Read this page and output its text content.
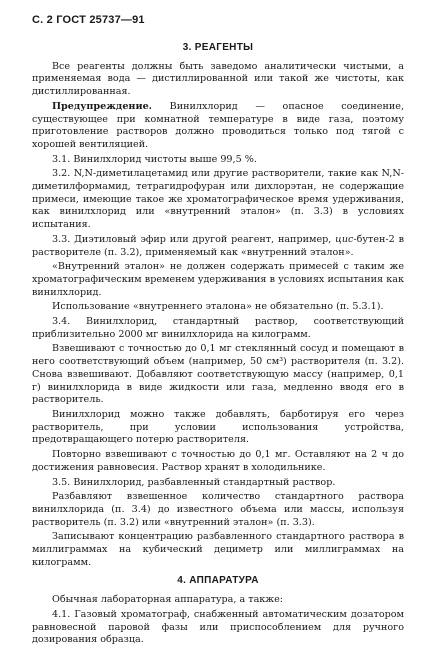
С. 2 ГОСТ 25737—91
3. РЕАГЕНТЫ
Все реагенты должны быть заведомо аналитически чистыми, а применяемая вода — дистиллированной или такой же чистоты, как дистиллированная.
Предупреждение. Винилхлорид — опасное соединение, существующее при комнатной температуре в виде газа, поэтому приготовление растворов должно проводиться только под тягой с хорошей вентиляцией.
3.1. Винилхлорид чистоты выше 99,5 %.
3.2. N,N-диметилацетамид или другие растворители, такие как N,N-диметилформамид, тетрагидрофуран или дихлорэтан, не содержащие примеси, имеющие такое же хроматографическое время удерживания, как винилхлорид или «внутренний эталон» (п. 3.3) в условиях испытания.
3.3. Диэтиловый эфир или другой реагент, например, цис-бутен-2 в растворителе (п. 3.2), применяемый как «внутренний эталон».
«Внутренний эталон» не должен содержать примесей с таким же хроматографическим временем удерживания в условиях испытания как винилхлорид.
Использование «внутреннего эталона» не обязательно (п. 5.3.1).
3.4. Винилхлорид, стандартный раствор, соответствующий приблизительно 2000 мг винилхлорида на килограмм.
Взвешивают с точностью до 0,1 мг стеклянный сосуд и помещают в него соответствующий объем (например, 50 см³) растворителя (п. 3.2). Снова взвешивают. Добавляют соответствующую массу (например, 0,1 г) винилхлорида в виде жидкости или газа, медленно вводя его в растворитель.
Винилхлорид можно также добавлять, барботируя его через растворитель, при условии использования устройства, предотвращающего потерю растворителя.
Повторно взвешивают с точностью до 0,1 мг. Оставляют на 2 ч до достижения равновесия. Раствор хранят в холодильнике.
3.5. Винилхлорид, разбавленный стандартный раствор.
Разбавляют взвешенное количество стандартного раствора винилхлорида (п. 3.4) до известного объема или массы, используя растворитель (п. 3.2) или «внутренний эталон» (п. 3.3).
Записывают концентрацию разбавленного стандартного раствора в миллиграммах на кубический дециметр или миллиграммах на килограмм.
4. АППАРАТУРА
Обычная лабораторная аппаратура, а также:
4.1. Газовый хроматограф, снабженный автоматическим дозатором равновесной паровой фазы или приспособлением для ручного дозирования образца.
